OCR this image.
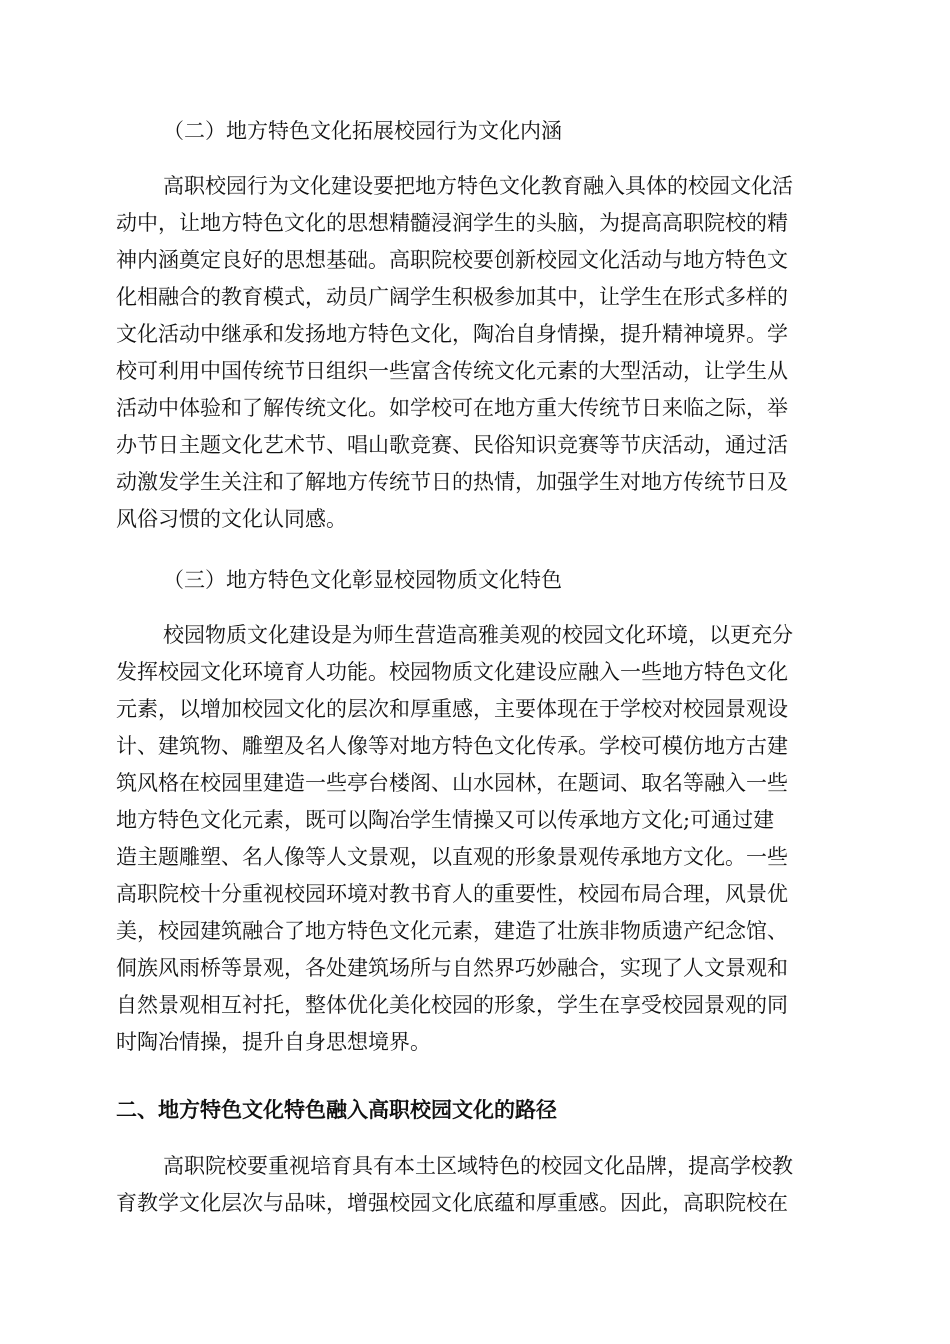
（二）地方特色文化拓展校园行为文化内涵
高职校园行为文化建设要把地方特色文化教育融入具体的校园文化活
动中，让地方特色文化的思想精髓浸润学生的头脑，为提高高职院校的精
神内涵奠定良好的思想基础。高职院校要创新校园文化活动与地方特色文
化相融合的教育模式，动员广阔学生积极参加其中，让学生在形式多样的
文化活动中继承和发扬地方特色文化，陶冶自身情操，提升精神境界。学
校可利用中国传统节日组织一些富含传统文化元素的大型活动，让学生从
活动中体验和了解传统文化。如学校可在地方重大传统节日来临之际，举
办节日主题文化艺术节、唱山歌竞赛、民俗知识竞赛等节庆活动，通过活
动激发学生关注和了解地方传统节日的热情，加强学生对地方传统节日及
风俗习惯的文化认同感。
（三）地方特色文化彰显校园物质文化特色
校园物质文化建设是为师生营造高雅美观的校园文化环境，以更充分
发挥校园文化环境育人功能。校园物质文化建设应融入一些地方特色文化
元素，以增加校园文化的层次和厚重感，主要体现在于学校对校园景观设
计、建筑物、雕塑及名人像等对地方特色文化传承。学校可模仿地方古建
筑风格在校园里建造一些亭台楼阁、山水园林，在题词、取名等融入一些
地方特色文化元素，既可以陶冶学生情操又可以传承地方文化;可通过建
造主题雕塑、名人像等人文景观，以直观的形象景观传承地方文化。一些
高职院校十分重视校园环境对教书育人的重要性，校园布局合理，风景优
美，校园建筑融合了地方特色文化元素，建造了壮族非物质遗产纪念馆、
侗族风雨桥等景观，各处建筑场所与自然界巧妙融合，实现了人文景观和
自然景观相互衬托，整体优化美化校园的形象，学生在享受校园景观的同
时陶冶情操，提升自身思想境界。
二、地方特色文化特色融入高职校园文化的路径
高职院校要重视培育具有本土区域特色的校园文化品牌，提高学校教
育教学文化层次与品味，增强校园文化底蕴和厚重感。因此，高职院校在
